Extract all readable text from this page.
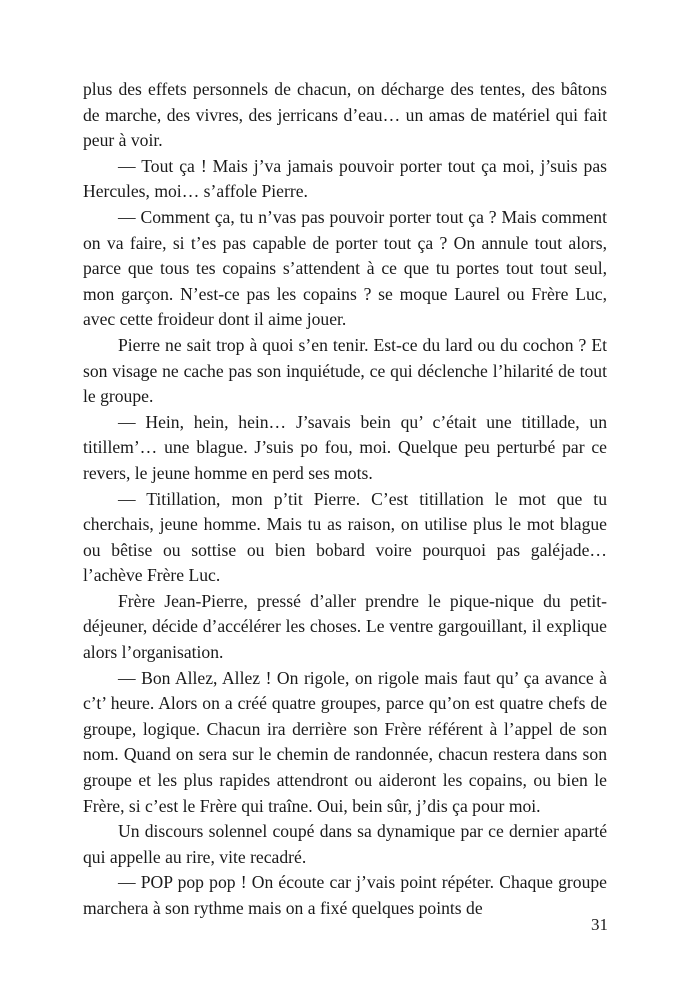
plus des effets personnels de chacun, on décharge des tentes, des bâtons de marche, des vivres, des jerricans d’eau… un amas de matériel qui fait peur à voir.

— Tout ça ! Mais j’va jamais pouvoir porter tout ça moi, j’suis pas Hercules, moi… s’affole Pierre.

— Comment ça, tu n’vas pas pouvoir porter tout ça ? Mais comment on va faire, si t’es pas capable de porter tout ça ? On annule tout alors, parce que tous tes copains s’attendent à ce que tu portes tout tout seul, mon garçon. N’est-ce pas les copains ? se moque Laurel ou Frère Luc, avec cette froideur dont il aime jouer.

Pierre ne sait trop à quoi s’en tenir. Est-ce du lard ou du cochon ? Et son visage ne cache pas son inquiétude, ce qui déclenche l’hilarité de tout le groupe.

— Hein, hein, hein… J’savais bein qu’ c’était une titillade, un titillem’… une blague. J’suis po fou, moi. Quelque peu perturbé par ce revers, le jeune homme en perd ses mots.

— Titillation, mon p’tit Pierre. C’est titillation le mot que tu cherchais, jeune homme. Mais tu as raison, on utilise plus le mot blague ou bêtise ou sottise ou bien bobard voire pourquoi pas galéjade… l’achève Frère Luc.

Frère Jean-Pierre, pressé d’aller prendre le pique-nique du petit-déjeuner, décide d’accélérer les choses. Le ventre gargouillant, il explique alors l’organisation.

— Bon Allez, Allez ! On rigole, on rigole mais faut qu’ ça avance à c’t’ heure. Alors on a créé quatre groupes, parce qu’on est quatre chefs de groupe, logique. Chacun ira derrière son Frère référent à l’appel de son nom. Quand on sera sur le chemin de randonnée, chacun restera dans son groupe et les plus rapides attendront ou aideront les copains, ou bien le Frère, si c’est le Frère qui traîne. Oui, bein sûr, j’dis ça pour moi.

Un discours solennel coupé dans sa dynamique par ce dernier aparté qui appelle au rire, vite recadré.

— POP pop pop ! On écoute car j’vais point répéter. Chaque groupe marchera à son rythme mais on a fixé quelques points de

31
